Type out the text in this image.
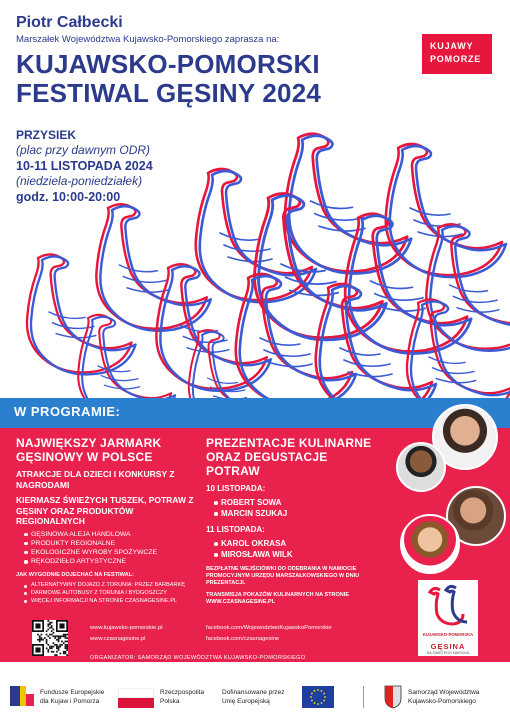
Piotr Całbecki
Marszałek Województwa Kujawsko-Pomorskiego zaprasza na:
KUJAWSKO-POMORSKI
FESTIWAL GĘSINY 2024
KUJAWY
POMORZE
PRZYSIEK
(plac przy dawnym ODR)
10-11 LISTOPADA 2024
(niedziela-poniedziałek)
godz. 10:00-20:00
W PROGRAMIE:
NAJWIĘKSZY JARMARK
GĘSINOWY W POLSCE
ATRAKCJE DLA DZIECI I KONKURSY Z NAGRODAMI
KIERMASZ ŚWIEŻYCH TUSZEK, POTRAW Z GĘSINY ORAZ PRODUKTÓW REGIONALNYCH
GĘSINOWA ALEJA HANDLOWA
PRODUKTY REGIONALNE
EKOLOGICZNE WYROBY SPOŻYWCZE
RĘKODZIEŁO ARTYSTYCZNE
JAK WYGODNIE DOJECHAĆ NA FESTIWAL:
ALTERNATYWNY DOJAZD Z TORUNIA: PRZEZ BARBARKĘ
DARMOWE AUTOBUSY Z TORUNIA I BYDGOSZCZY
WIĘCEJ INFORMACJI NA STRONIE CZASNAGESINE.PL
PREZENTACJE KULINARNE
ORAZ DEGUSTACJE
POTRAW
10 LISTOPADA:
ROBERT SOWA
MARCIN SZUKAJ
11 LISTOPADA:
KAROL OKRASA
MIROSŁAWA WILK
BEZPŁATNE WEJŚCIÓWKI DO ODEBRANIA W NAMIOCIE PROMOCYJNYM URZĘDU MARSZAŁKOWSKIEGO W DNIU PREZENTACJI.
TRANSMISJA POKAZÓW KULINARNYCH NA STRONIE WWW.CZASNAGESINE.PL
KUJAWSKO-POMORSKA
GĘSINA
NA ŚWIĘTEGO MARCINA
www.kujawsko-pomorskie.pl
www.czasnagesine.pl
facebook.com/WojewodztwoKujawskoPomorskie
facebook.com/czasnagesine
ORGANIZATOR: SAMORZĄD WOJEWÓDZTWA KUJAWSKO-POMORSKIEGO
Fundusze Europejskie
dla Kujaw i Pomorza
Rzeczpospolita
Polska
Dofinansowane przez
Unię Europejską
Samorząd Województwa
Kujawsko-Pomorskiego
